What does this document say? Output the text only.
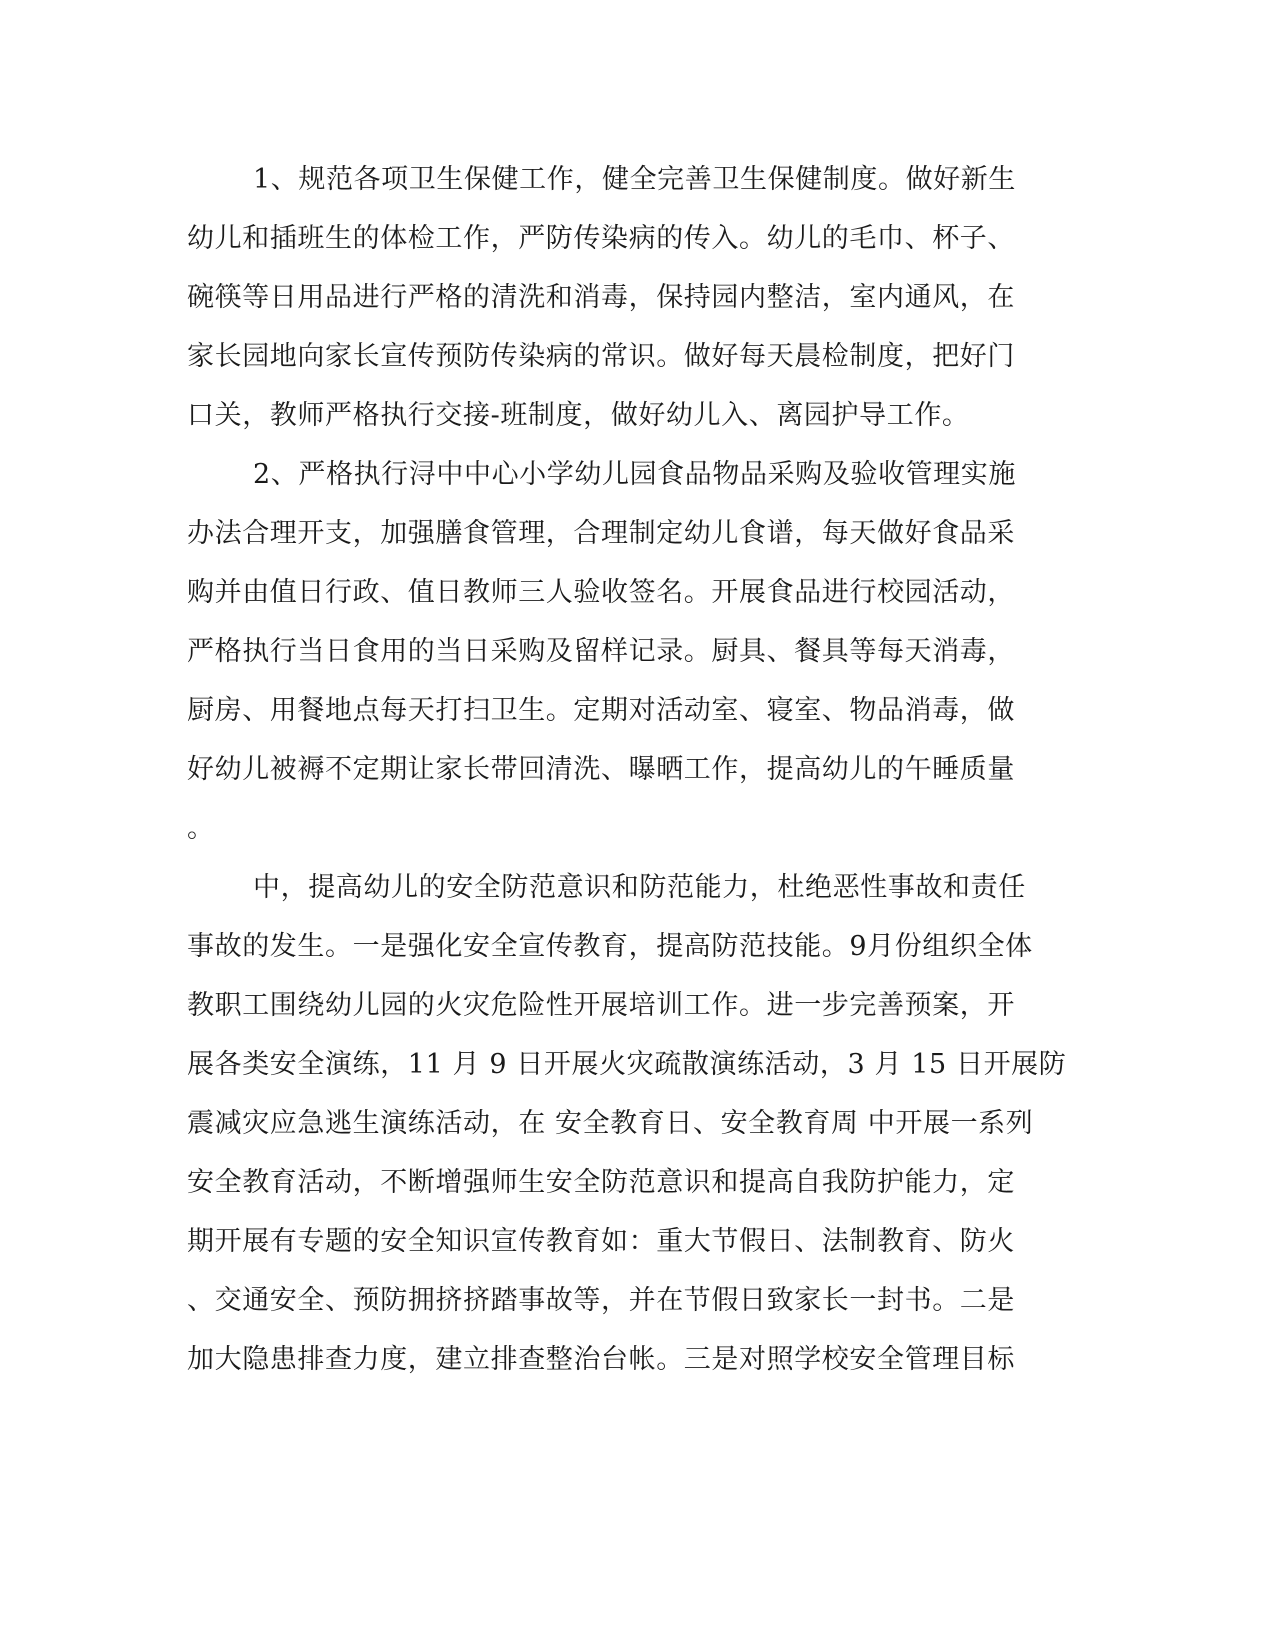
1、规范各项卫生保健工作，健全完善卫生保健制度。做好新生
幼儿和插班生的体检工作，严防传染病的传入。幼儿的毛巾、杯子、
碗筷等日用品进行严格的清洗和消毒，保持园内整洁，室内通风，在
家长园地向家长宣传预防传染病的常识。做好每天晨检制度，把好门
口关，教师严格执行交接-班制度，做好幼儿入、离园护导工作。
2、严格执行浔中中心小学幼儿园食品物品采购及验收管理实施
办法合理开支，加强膳食管理，合理制定幼儿食谱，每天做好食品采
购并由值日行政、值日教师三人验收签名。开展食品进行校园活动，
严格执行当日食用的当日采购及留样记录。厨具、餐具等每天消毒，
厨房、用餐地点每天打扫卫生。定期对活动室、寝室、物品消毒，做
好幼儿被褥不定期让家长带回清洗、曝晒工作，提高幼儿的午睡质量
。
中，提高幼儿的安全防范意识和防范能力，杜绝恶性事故和责任
事故的发生。一是强化安全宣传教育，提高防范技能。9月份组织全体
教职工围绕幼儿园的火灾危险性开展培训工作。进一步完善预案，开
展各类安全演练，11 月 9 日开展火灾疏散演练活动，3 月 15 日开展防
震减灾应急逃生演练活动，在 安全教育日、安全教育周 中开展一系列
安全教育活动，不断增强师生安全防范意识和提高自我防护能力，定
期开展有专题的安全知识宣传教育如：重大节假日、法制教育、防火
、交通安全、预防拥挤挤踏事故等，并在节假日致家长一封书。二是
加大隐患排查力度，建立排查整治台帐。三是对照学校安全管理目标
